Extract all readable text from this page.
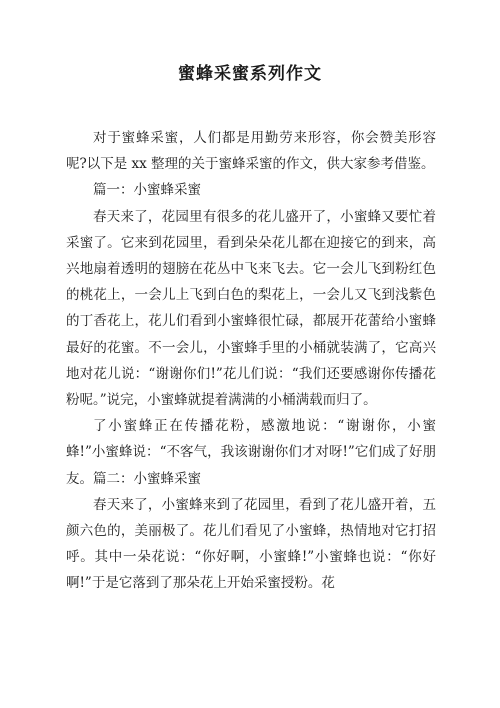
蜜蜂采蜜系列作文

对于蜜蜂采蜜，人们都是用勤劳来形容，你会赞美形容呢?以下是 xx 整理的关于蜜蜂采蜜的作文，供大家参考借鉴。

篇一：小蜜蜂采蜜

春天来了，花园里有很多的花儿盛开了，小蜜蜂又要忙着采蜜了。它来到花园里，看到朵朵花儿都在迎接它的到来，高兴地扇着透明的翅膀在花丛中飞来飞去。它一会儿飞到粉红色的桃花上，一会儿上飞到白色的梨花上，一会儿又飞到浅紫色的丁香花上，花儿们看到小蜜蜂很忙碌，都展开花蕾给小蜜蜂最好的花蜜。不一会儿，小蜜蜂手里的小桶就装满了，它高兴地对花儿说：“谢谢你们!”花儿们说：“我们还要感谢你传播花粉呢。”说完，小蜜蜂就提着满满的小桶满载而归了。

了小蜜蜂正在传播花粉，感激地说：“谢谢你，小蜜蜂!”小蜜蜂说：“不客气，我该谢谢你们才对呀!”它们成了好朋友。篇二：小蜜蜂采蜜

春天来了，小蜜蜂来到了花园里，看到了花儿盛开着，五颜六色的，美丽极了。花儿们看见了小蜜蜂，热情地对它打招呼。其中一朵花说：“你好啊，小蜜蜂!”小蜜蜂也说：“你好啊!”于是它落到了那朵花上开始采蜜授粉。花
